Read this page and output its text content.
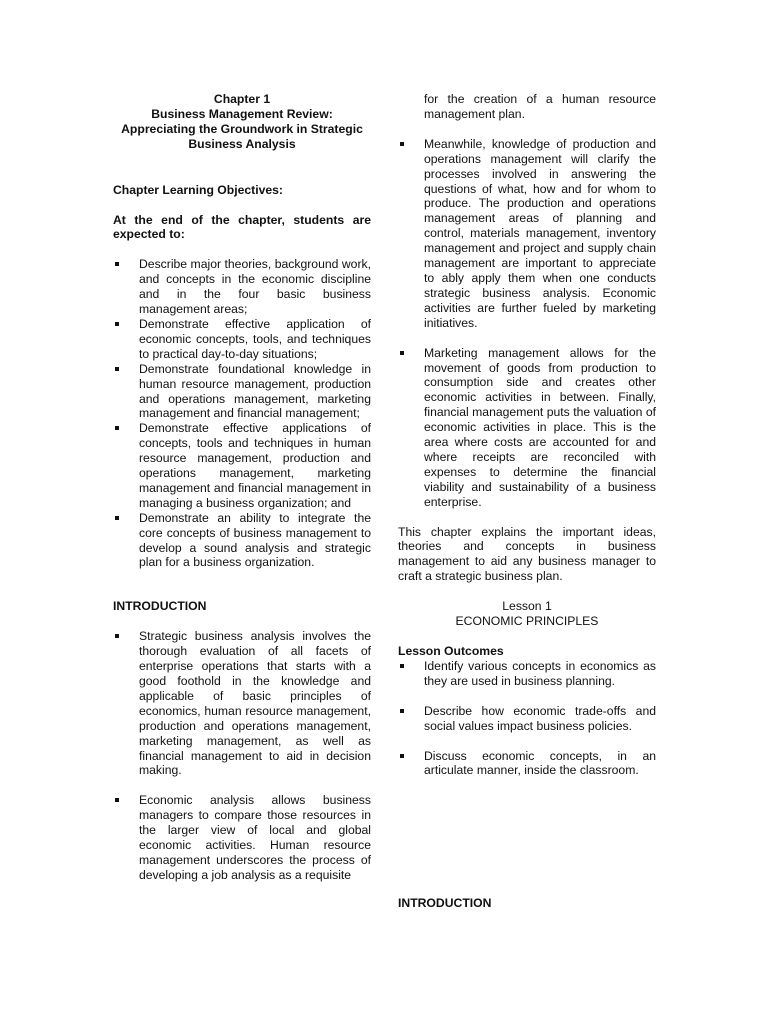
Chapter 1
Business Management Review:
Appreciating the Groundwork in Strategic
Business Analysis

Chapter Learning Objectives:

At the end of the chapter, students are expected to:

Describe major theories, background work, and concepts in the economic discipline and in the four basic business management areas;
Demonstrate effective application of economic concepts, tools, and techniques to practical day-to-day situations;
Demonstrate foundational knowledge in human resource management, production and operations management, marketing management and financial management;
Demonstrate effective applications of concepts, tools and techniques in human resource management, production and operations management, marketing management and financial management in managing a business organization; and
Demonstrate an ability to integrate the core concepts of business management to develop a sound analysis and strategic plan for a business organization.

INTRODUCTION

Strategic business analysis involves the thorough evaluation of all facets of enterprise operations that starts with a good foothold in the knowledge and applicable of basic principles of economics, human resource management, production and operations management, marketing management, as well as financial management to aid in decision making.
Economic analysis allows business managers to compare those resources in the larger view of local and global economic activities. Human resource management underscores the process of developing a job analysis as a requisite
for the creation of a human resource management plan.
Meanwhile, knowledge of production and operations management will clarify the processes involved in answering the questions of what, how and for whom to produce. The production and operations management areas of planning and control, materials management, inventory management and project and supply chain management are important to appreciate to ably apply them when one conducts strategic business analysis. Economic activities are further fueled by marketing initiatives.
Marketing management allows for the movement of goods from production to consumption side and creates other economic activities in between. Finally, financial management puts the valuation of economic activities in place. This is the area where costs are accounted for and where receipts are reconciled with expenses to determine the financial viability and sustainability of a business enterprise.

This chapter explains the important ideas, theories and concepts in business management to aid any business manager to craft a strategic business plan.

Lesson 1
ECONOMIC PRINCIPLES

Lesson Outcomes

Identify various concepts in economics as they are used in business planning.
Describe how economic trade-offs and social values impact business policies.
Discuss economic concepts, in an articulate manner, inside the classroom.

INTRODUCTION
